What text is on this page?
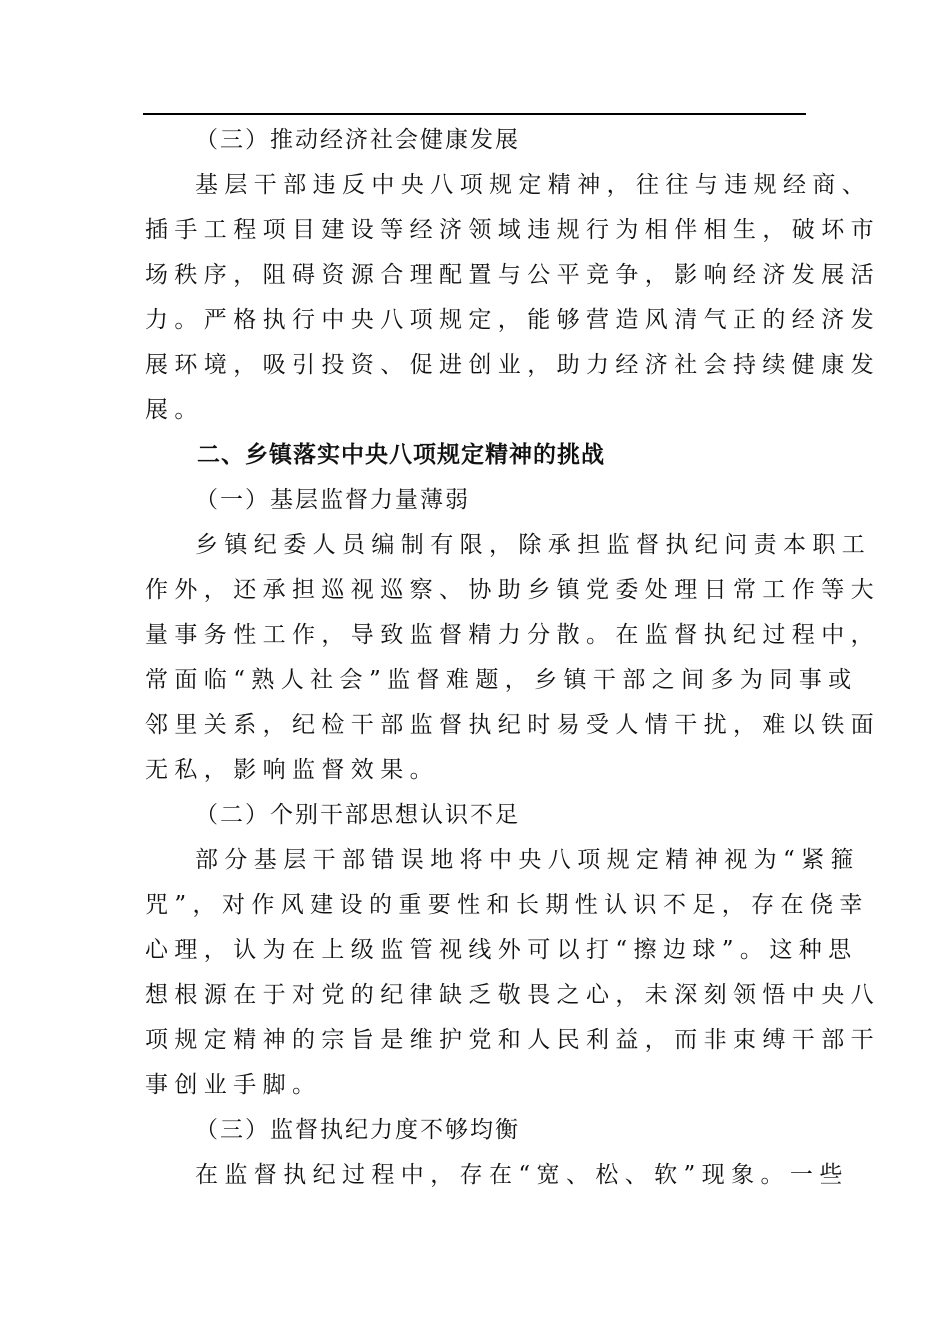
（三）推动经济社会健康发展
基层干部违反中央八项规定精神，往往与违规经商、
插手工程项目建设等经济领域违规行为相伴相生，破坏市
场秩序，阻碍资源合理配置与公平竞争，影响经济发展活
力。严格执行中央八项规定，能够营造风清气正的经济发
展环境，吸引投资、促进创业，助力经济社会持续健康发
展。
二、乡镇落实中央八项规定精神的挑战
（一）基层监督力量薄弱
乡镇纪委人员编制有限，除承担监督执纪问责本职工
作外，还承担巡视巡察、协助乡镇党委处理日常工作等大
量事务性工作，导致监督精力分散。在监督执纪过程中，
常面临“熟人社会”监督难题，乡镇干部之间多为同事或
邻里关系，纪检干部监督执纪时易受人情干扰，难以铁面
无私，影响监督效果。
（二）个别干部思想认识不足
部分基层干部错误地将中央八项规定精神视为“紧箍
咒”，对作风建设的重要性和长期性认识不足，存在侥幸
心理，认为在上级监管视线外可以打“擦边球”。这种思
想根源在于对党的纪律缺乏敬畏之心，未深刻领悟中央八
项规定精神的宗旨是维护党和人民利益，而非束缚干部干
事创业手脚。
（三）监督执纪力度不够均衡
在监督执纪过程中，存在“宽、松、软”现象。一些
